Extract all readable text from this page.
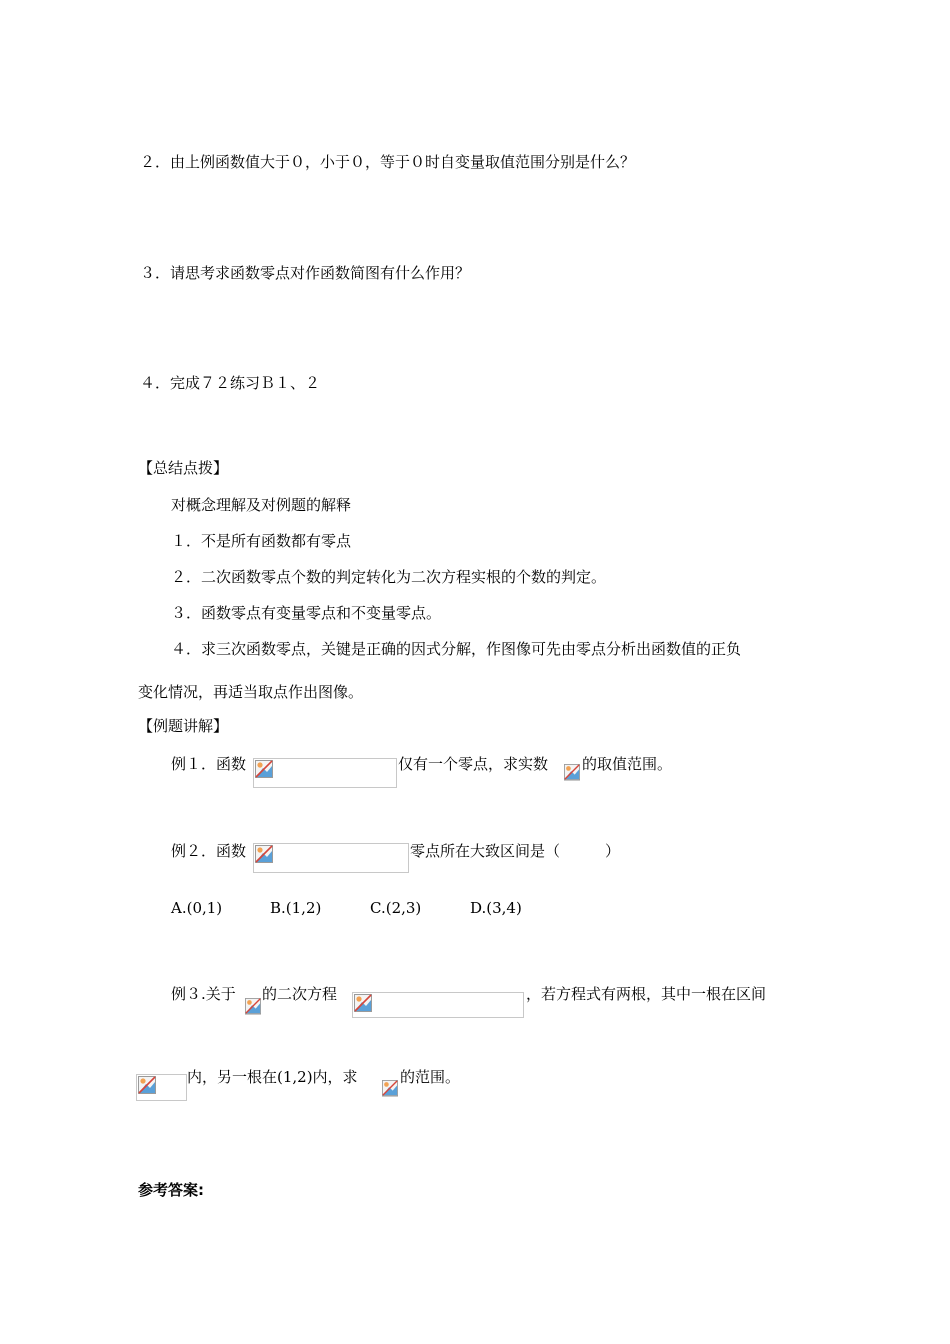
２．由上例函数值大于０，小于０，等于０时自变量取值范围分别是什么？
３．请思考求函数零点对作函数简图有什么作用？
４．完成７２练习Ｂ１、２
【总结点拨】
对概念理解及对例题的解释
１．不是所有函数都有零点
２．二次函数零点个数的判定转化为二次方程实根的个数的判定。
３．函数零点有变量零点和不变量零点。
４．求三次函数零点，关键是正确的因式分解，作图像可先由零点分析出函数值的正负
变化情况，再适当取点作出图像。
【例题讲解】
例１．函数	仅有一个零点，求实数 的取值范围。
例２．函数	零点所在大致区间是（　　　）
A.(0,1)	B.(1,2)	C.(2,3)	D.(3,4)
例３.关于 的二次方程	，若方程式有两根，其中一根在区间
内，另一根在(1,2)内，求	的范围。
参考答案:
